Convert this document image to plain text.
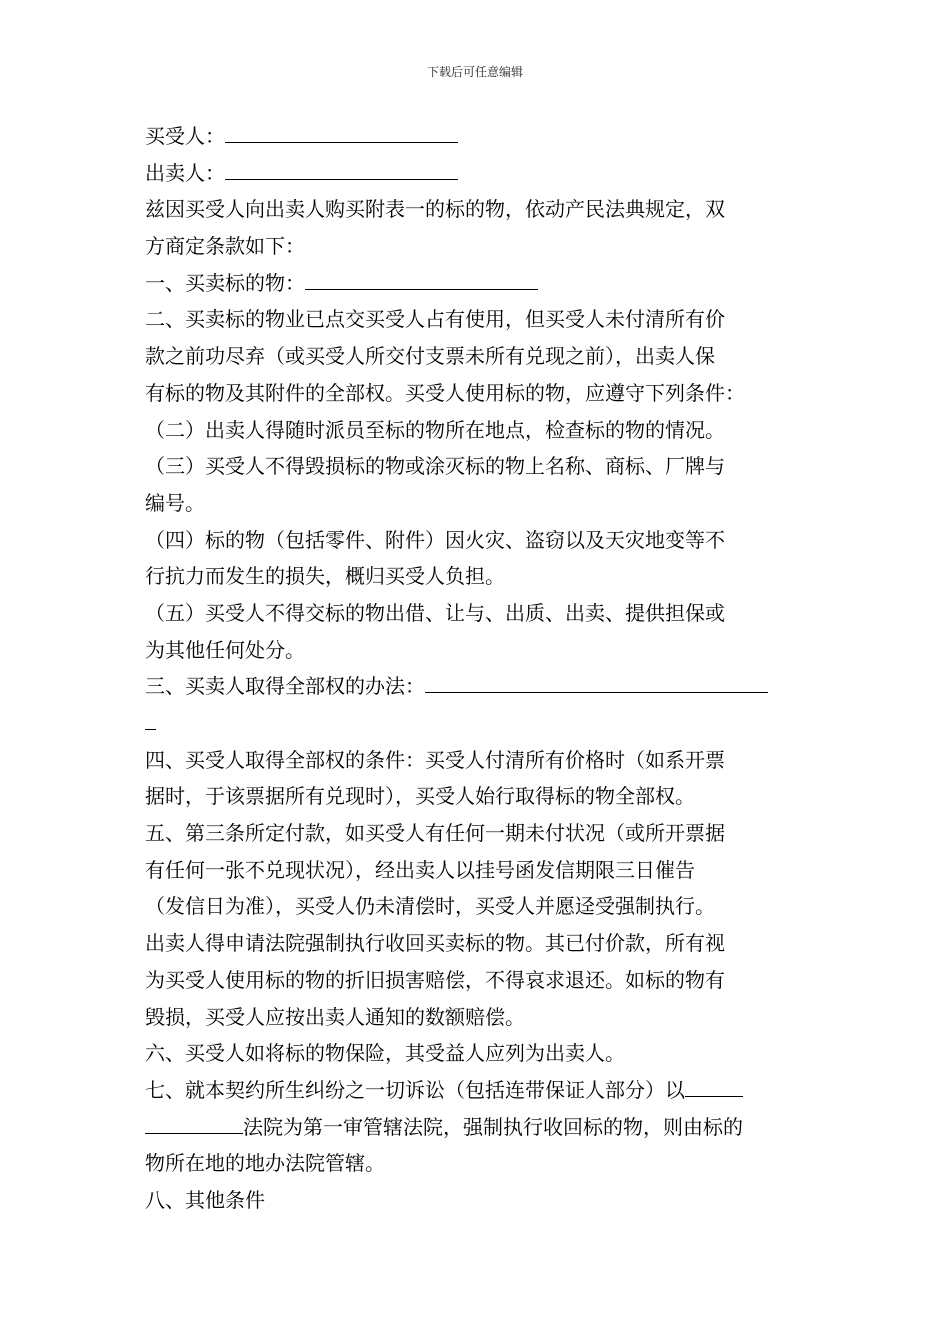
下载后可任意编辑
买受人：
出卖人：
兹因买受人向出卖人购买附表一的标的物，依动产民法典规定，双
方商定条款如下：
一、买卖标的物：
二、买卖标的物业已点交买受人占有使用，但买受人未付清所有价
款之前功尽弃（或买受人所交付支票未所有兑现之前），出卖人保
有标的物及其附件的全部权。买受人使用标的物，应遵守下列条件：
（二）出卖人得随时派员至标的物所在地点，检查标的物的情况。
（三）买受人不得毁损标的物或涂灭标的物上名称、商标、厂牌与
编号。
（四）标的物（包括零件、附件）因火灾、盗窃以及天灾地变等不
行抗力而发生的损失，概归买受人负担。
（五）买受人不得交标的物出借、让与、出质、出卖、提供担保或
为其他任何处分。
三、买卖人取得全部权的办法：
四、买受人取得全部权的条件：买受人付清所有价格时（如系开票
据时，于该票据所有兑现时），买受人始行取得标的物全部权。
五、第三条所定付款，如买受人有任何一期未付状况（或所开票据
有任何一张不兑现状况），经出卖人以挂号函发信期限三日催告
（发信日为准），买受人仍未清偿时，买受人并愿迳受强制执行。
出卖人得申请法院强制执行收回买卖标的物。其已付价款，所有视
为买受人使用标的物的折旧损害赔偿，不得哀求退还。如标的物有
毁损，买受人应按出卖人通知的数额赔偿。
六、买受人如将标的物保险，其受益人应列为出卖人。
七、就本契约所生纠纷之一切诉讼（包括连带保证人部分）以
法院为第一审管辖法院，强制执行收回标的物，则由标的
物所在地的地办法院管辖。
八、其他条件
